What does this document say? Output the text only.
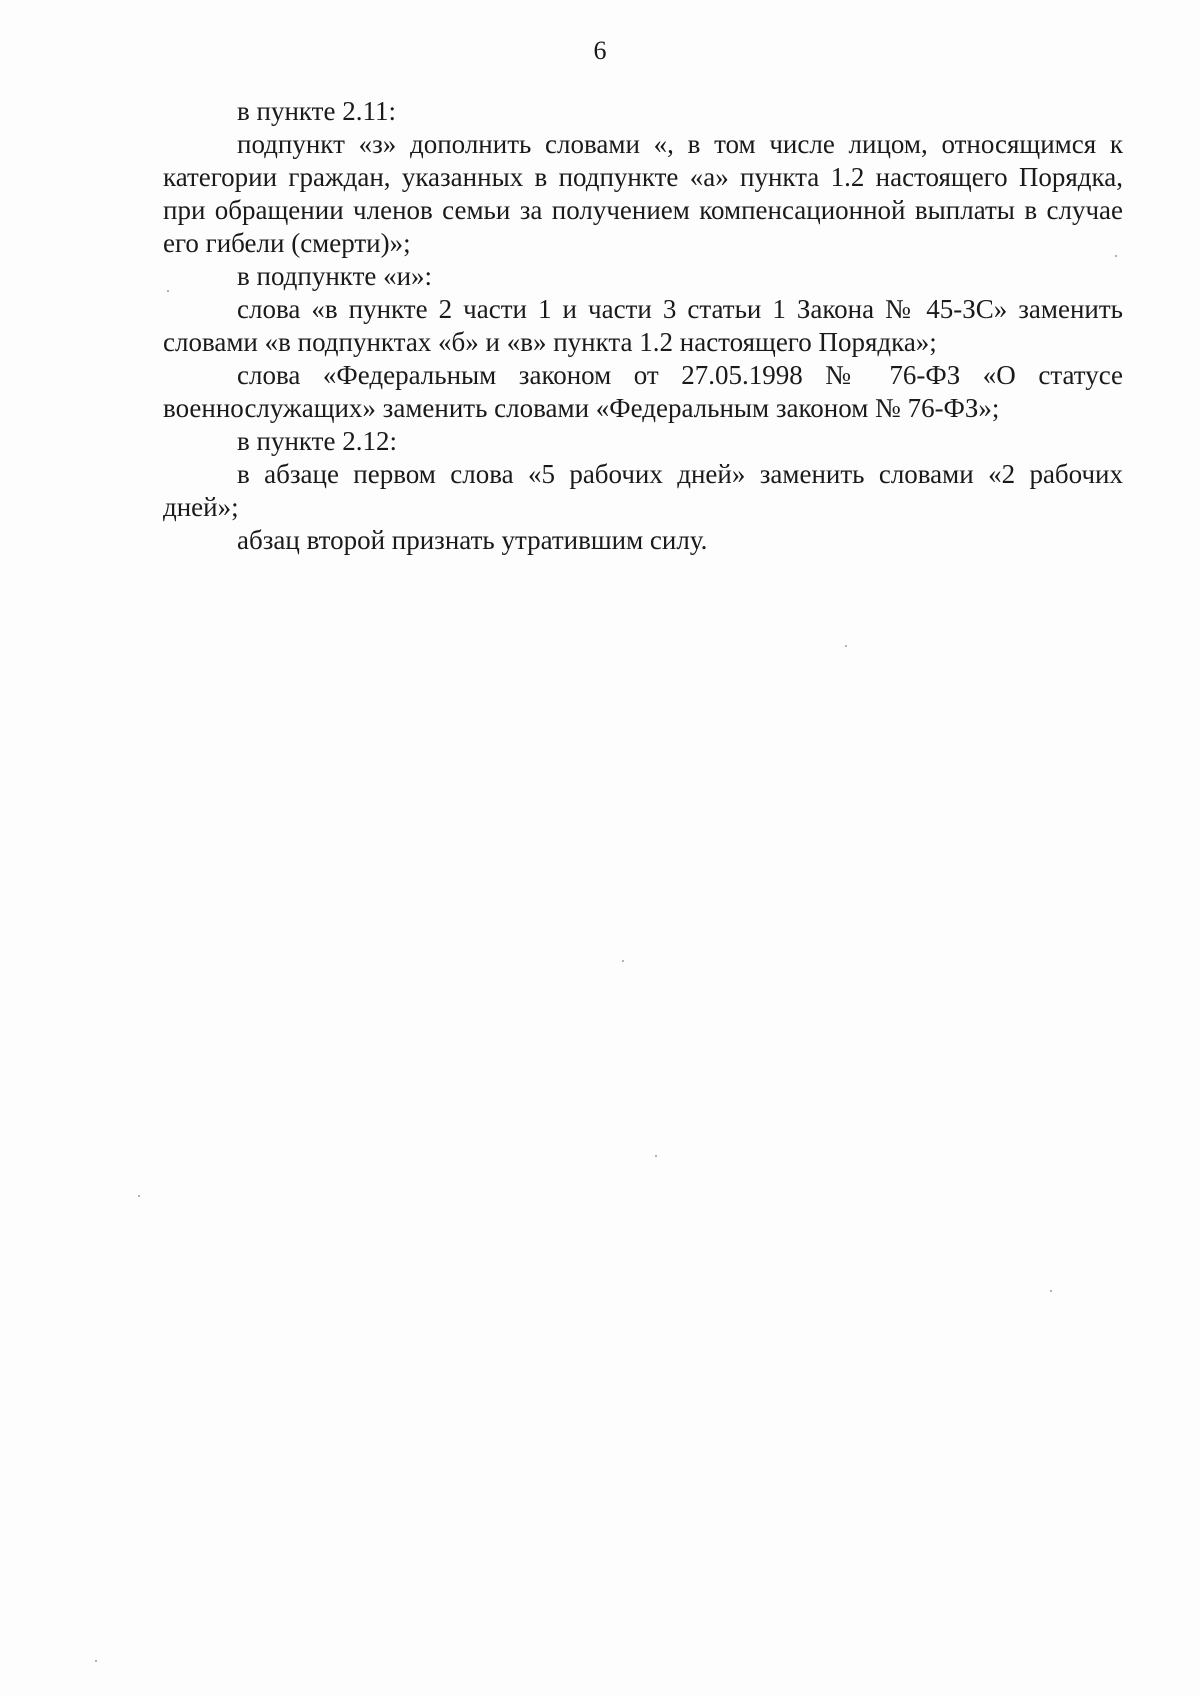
6

в пункте 2.11:

подпункт «з» дополнить словами «, в том числе лицом, относящимся к категории граждан, указанных в подпункте «а» пункта 1.2 настоящего Порядка, при обращении членов семьи за получением компенсационной выплаты в случае его гибели (смерти)»;

в подпункте «и»:

слова «в пункте 2 части 1 и части 3 статьи 1 Закона № 45-ЗС» заменить словами «в подпунктах «б» и «в» пункта 1.2 настоящего Порядка»;

слова «Федеральным законом от 27.05.1998 № 76-ФЗ «О статусе военнослужащих» заменить словами «Федеральным законом № 76-ФЗ»;

в пункте 2.12:

в абзаце первом слова «5 рабочих дней» заменить словами «2 рабочих дней»;

абзац второй признать утратившим силу.
